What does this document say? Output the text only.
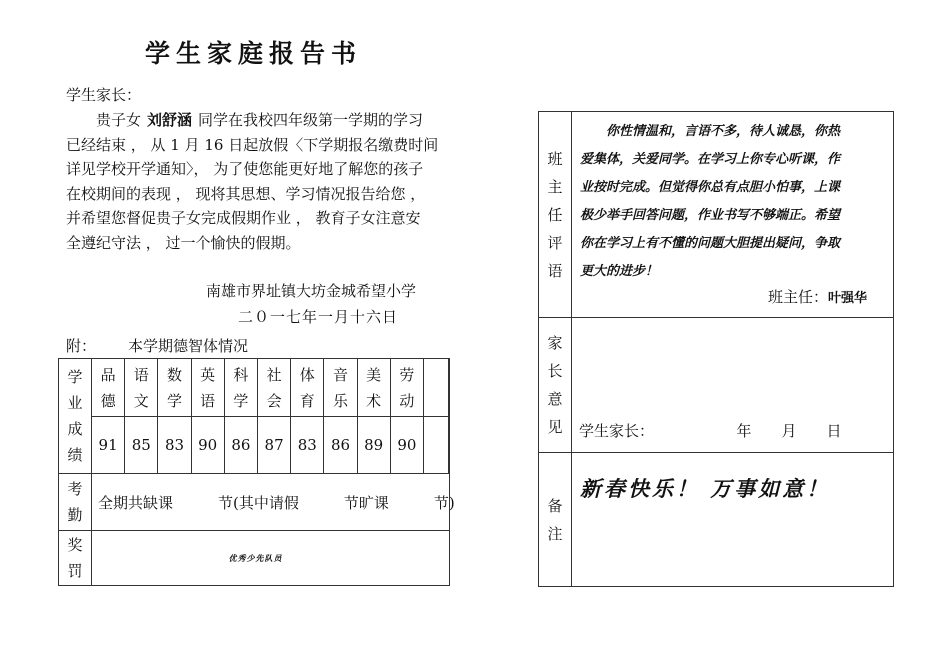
学生家庭报告书
学生家长：
　　贵子女 刘舒涵 同学在我校四年级第一学期的学习
已经结束 ， 从 1 月 16 日起放假〈下学期报名缴费时间
详见学校开学通知〉， 为了使您能更好地了解您的孩子
在校期间的表现 ， 现将其思想、学习情况报告给您 ，
并希望您督促贵子女完成假期作业 ， 教育子女注意安
全遵纪守法 ， 过一个愉快的假期。
南雄市界址镇大坊金城希望小学
二０一七年一月十六日
附： 本学期德智体情况
学
业
成
绩
品
德
语
文
数
学
英
语
科
学
社
会
体
育
音
乐
美
术
劳
动
91 85 83 90 86 87 83 86 89 90
考
勤
全期共缺课　　　节(其中请假　　　节旷课　　　节)
奖
罚
优秀少先队员
班
主
任
评
语
　　你性情温和，言语不多，待人诚恳，你热
爱集体，关爱同学。在学习上你专心听课，作
业按时完成。但觉得你总有点胆小怕事，上课
极少举手回答问题，作业书写不够端正。希望
你在学习上有不懂的问题大胆提出疑问，争取
更大的进步！
班主任：叶强华
家
长
意
见 学生家长：　　　　　　年　　月　　日
备
注
新春快乐！ 万事如意！
